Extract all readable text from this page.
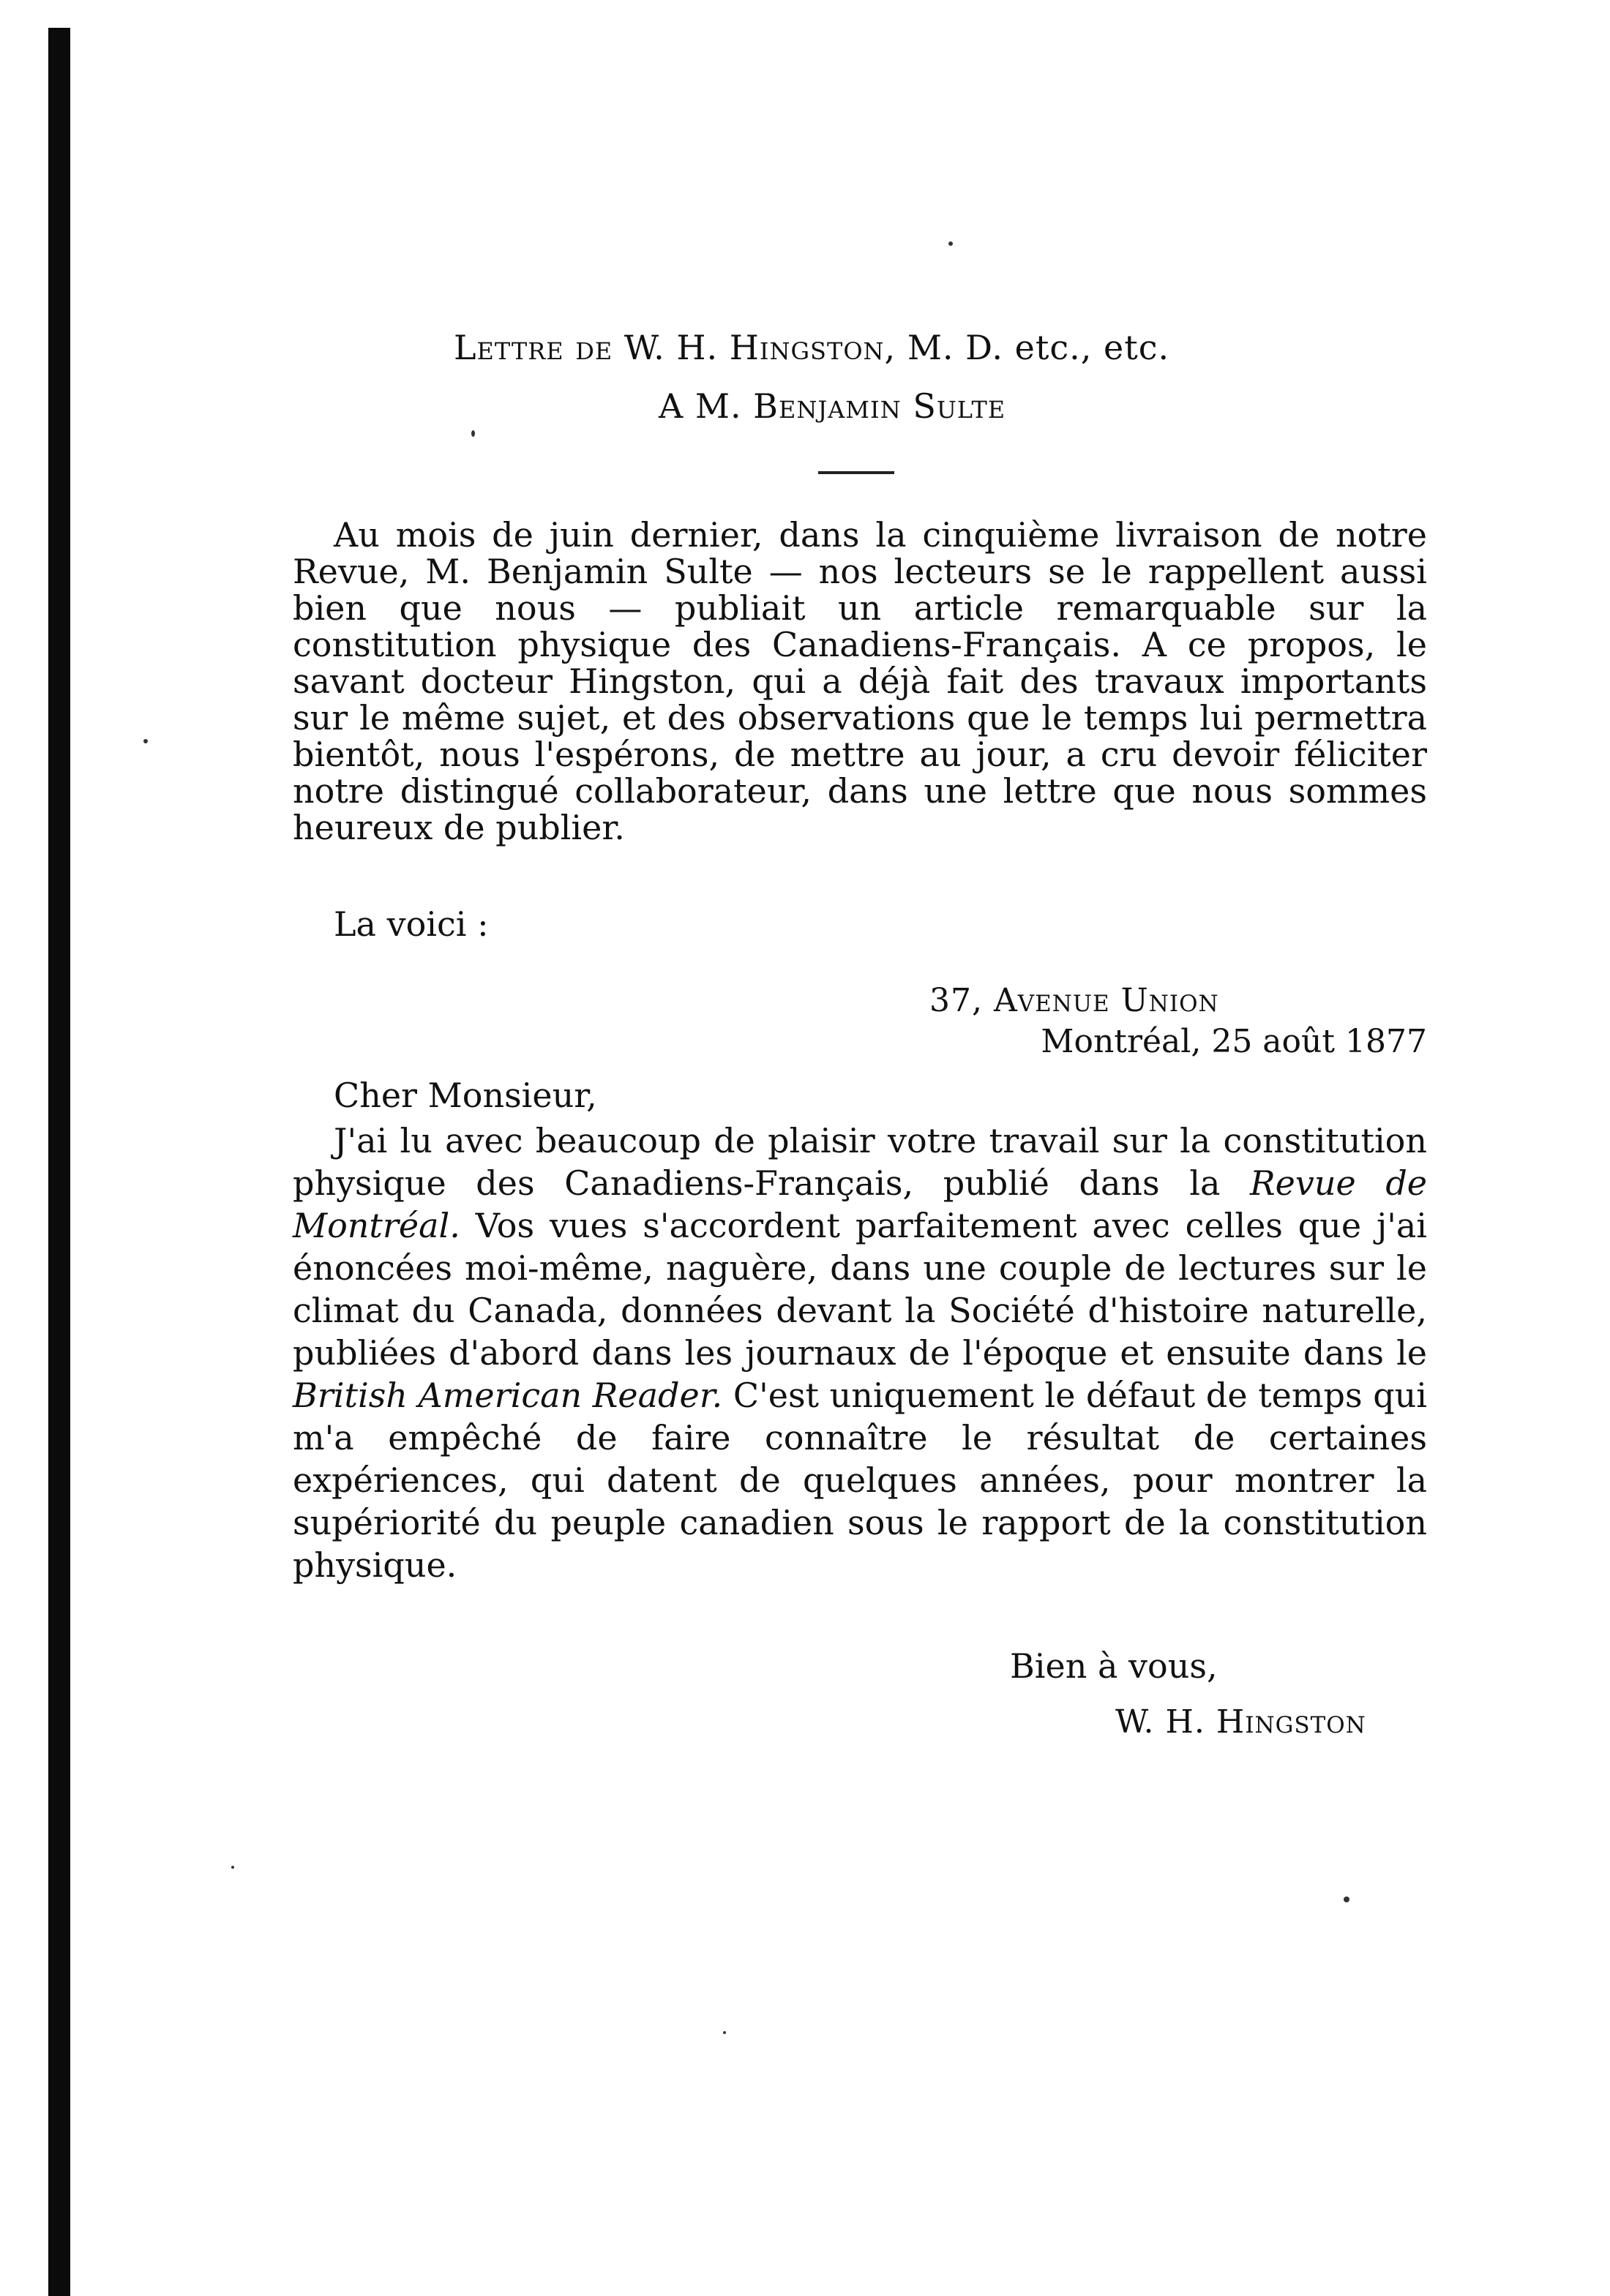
Lettre de W. H. Hingston, M. D. etc., etc.
A M. Benjamin Sulte

Au mois de juin dernier, dans la cinquième livraison de notre Revue, M. Benjamin Sulte — nos lecteurs se le rappellent aussi bien que nous — publiait un article remarquable sur la constitution physique des Canadiens-Français. A ce propos, le savant docteur Hingston, qui a déjà fait des travaux importants sur le même sujet, et des observations que le temps lui permettra bientôt, nous l'espérons, de mettre au jour, a cru devoir féliciter notre distingué collaborateur, dans une lettre que nous sommes heureux de publier.

La voici :

37, Avenue Union
Montréal, 25 août 1877

Cher Monsieur,

J'ai lu avec beaucoup de plaisir votre travail sur la constitution physique des Canadiens-Français, publié dans la Revue de Montréal. Vos vues s'accordent parfaitement avec celles que j'ai énoncées moi-même, naguère, dans une couple de lectures sur le climat du Canada, données devant la Société d'histoire naturelle, publiées d'abord dans les journaux de l'époque et ensuite dans le British American Reader. C'est uniquement le défaut de temps qui m'a empêché de faire connaître le résultat de certaines expériences, qui datent de quelques années, pour montrer la supériorité du peuple canadien sous le rapport de la constitution physique.

Bien à vous,

W. H. Hingston
